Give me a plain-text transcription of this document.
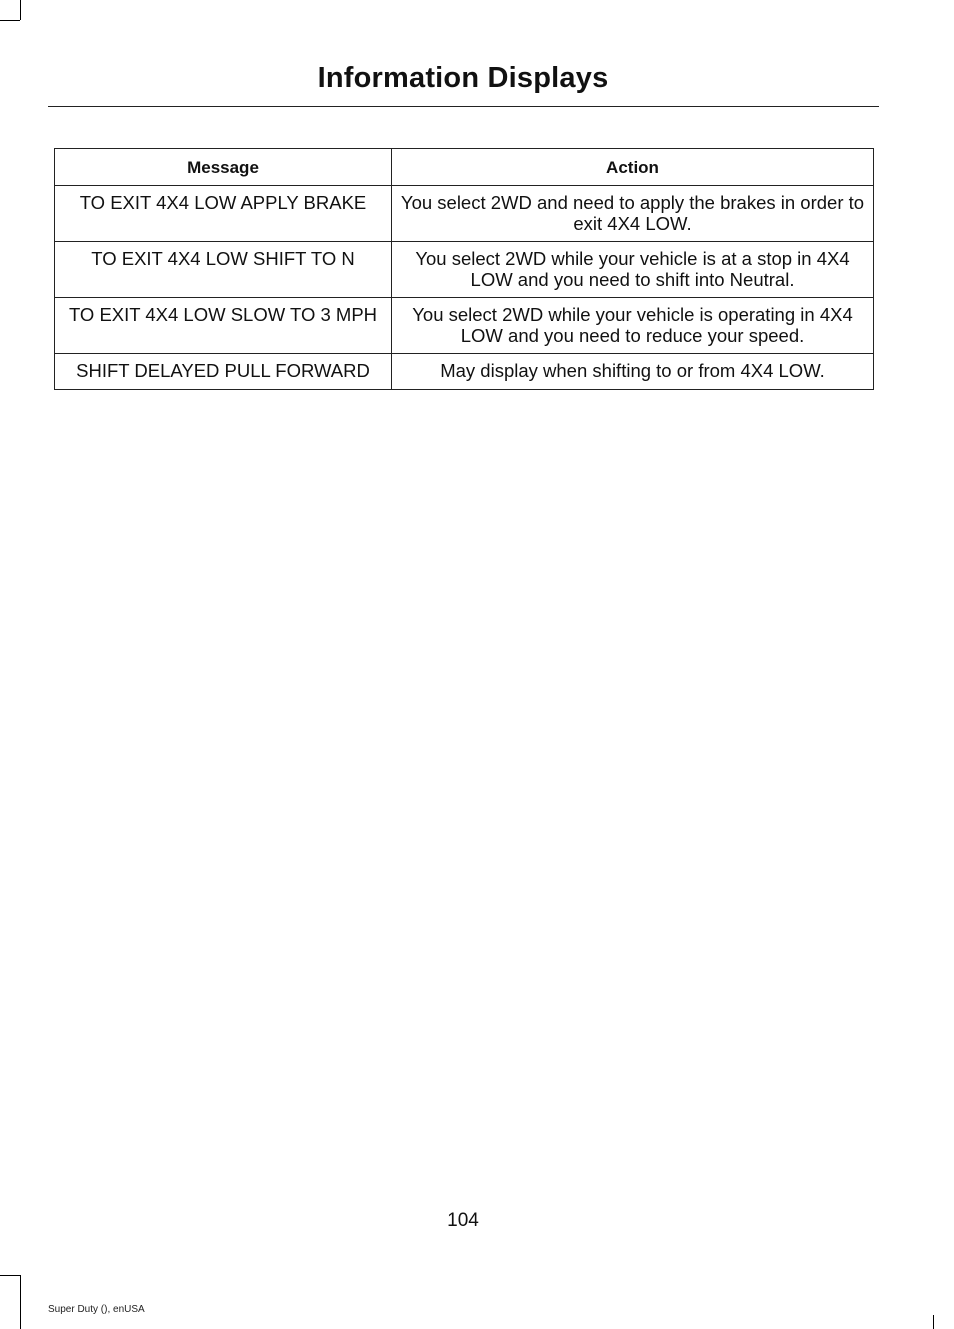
Information Displays
Message	Action
TO EXIT 4X4 LOW APPLY BRAKE	You select 2WD and need to apply the brakes in order to exit 4X4 LOW.
TO EXIT 4X4 LOW SHIFT TO N	You select 2WD while your vehicle is at a stop in 4X4 LOW and you need to shift into Neutral.
TO EXIT 4X4 LOW SLOW TO 3 MPH	You select 2WD while your vehicle is operating in 4X4 LOW and you need to reduce your speed.
SHIFT DELAYED PULL FORWARD	May display when shifting to or from 4X4 LOW.
104
Super Duty (), enUSA
